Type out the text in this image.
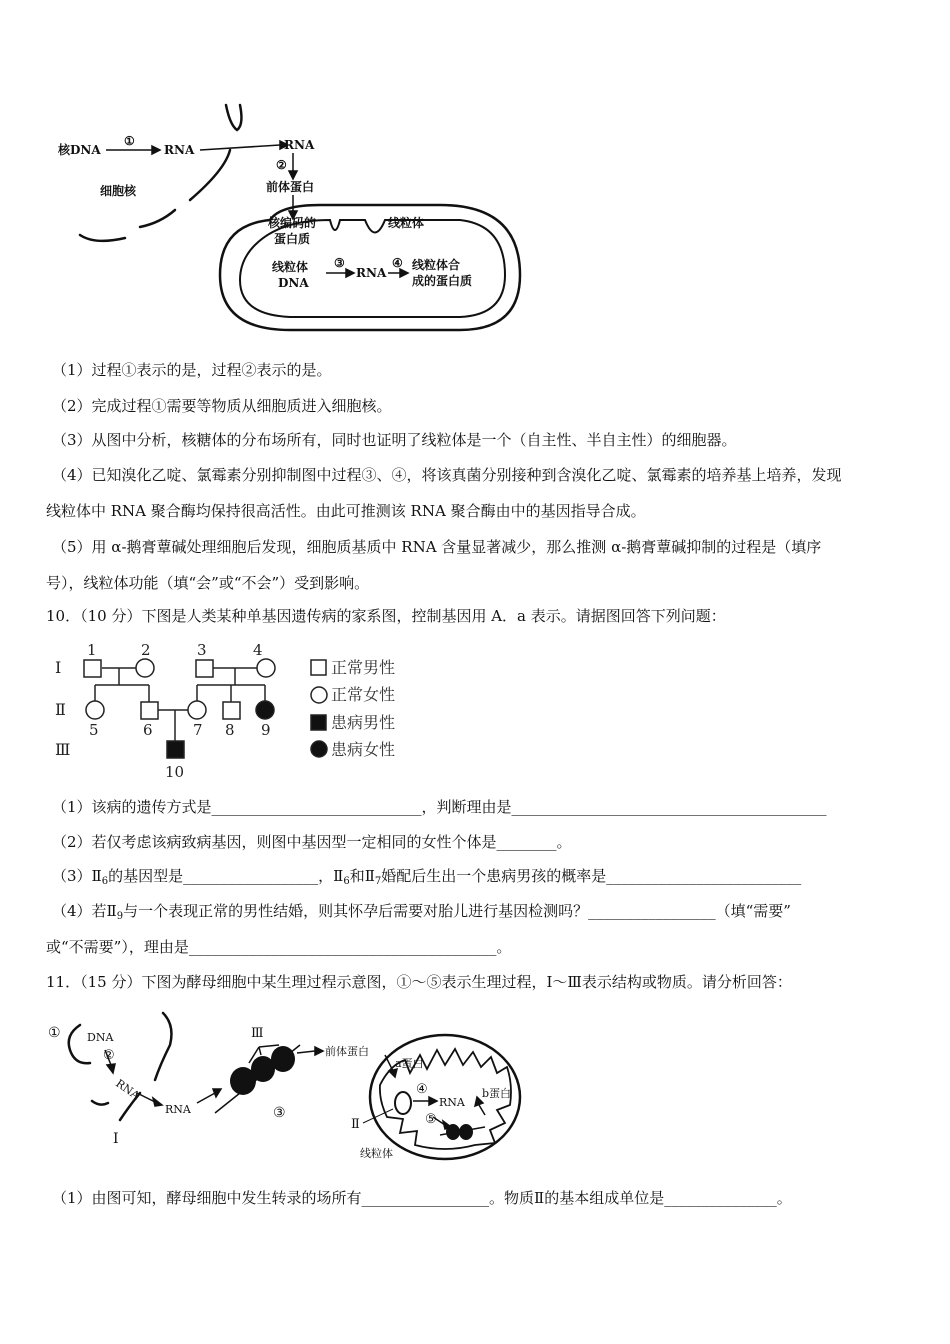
核DNA
①
RNA	RNA
②
前体蛋白
细胞核
核编码的
蛋白质
线粒体
线粒体
DNA
③
RNA
④ 线粒体合
成的蛋白质
（1）过程①表示的是，过程②表示的是。
（2）完成过程①需要等物质从细胞质进入细胞核。
（3）从图中分析，核糖体的分布场所有，同时也证明了线粒体是一个（自主性、半自主性）的细胞器。
（4）已知溴化乙啶、氯霉素分别抑制图中过程③、④，将该真菌分别接种到含溴化乙啶、氯霉素的培养基上培养，发现
线粒体中 RNA 聚合酶均保持很高活性。由此可推测该 RNA 聚合酶由中的基因指导合成。
（5）用 α-鹅膏蕈碱处理细胞后发现，细胞质基质中 RNA 含量显著减少，那么推测 α-鹅膏蕈碱抑制的过程是（填序
号），线粒体功能（填“会”或“不会”）受到影响。
10．（10 分）下图是人类某种单基因遗传病的家系图，控制基因用 A．a 表示。请据图回答下列问题：
Ⅰ
Ⅱ
Ⅲ
1	2	3	4
5	6	7 8 9
10
正常男性
正常女性
患病男性
患病女性
（1）该病的遗传方式是____________________________，判断理由是__________________________________________
（2）若仅考虑该病致病基因，则图中基因型一定相同的女性个体是________。
$(3)Ⅱ_6$的基因型是__________________，$Ⅱ_6$和$Ⅱ_7$婚配后生出一个患病男孩的概率是__________________________
（4）若$Ⅱ_9$与一个表现正常的男性结婚，则其怀孕后需要对胎儿进行基因检测吗？_________________（填“需要”
或“不需要”），理由是_________________________________________。
11．（15 分）下图为酵母细胞中某生理过程示意图，①～⑤表示生理过程，Ⅰ～Ⅲ表示结构或物质。请分析回答：
① DNA
②
RNA
RNA
Ⅰ
Ⅲ
③
前体蛋白
a蛋白
④
RNA
b蛋白
Ⅱ	⑤
线粒体
（1）由图可知，酵母细胞中发生转录的场所有_________________。物质Ⅱ的基本组成单位是_______________。
